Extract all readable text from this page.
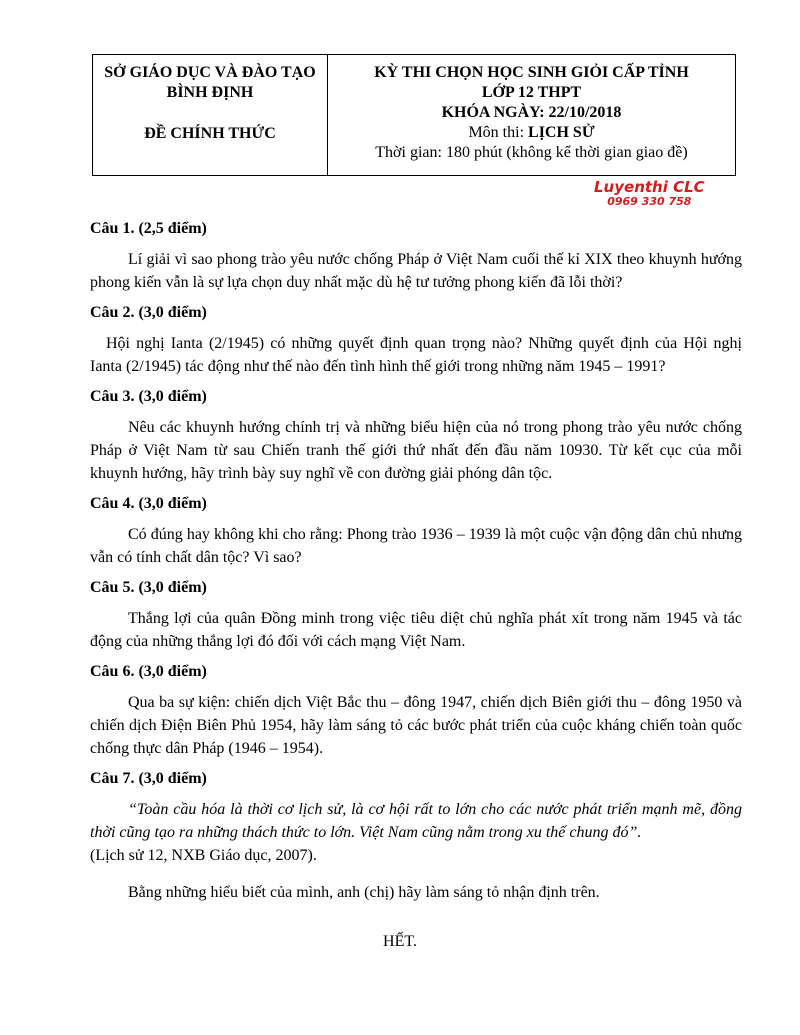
SỞ GIÁO DỤC VÀ ĐÀO TẠO
BÌNH ĐỊNH
ĐỀ CHÍNH THỨC
KỲ THI CHỌN HỌC SINH GIỎI CẤP TỈNH
LỚP 12 THPT
KHÓA NGÀY: 22/10/2018
Môn thi: LỊCH SỬ
Thời gian: 180 phút (không kể thời gian giao đề)
Luyenthi CLC
0969 330 758
Câu 1. (2,5 điểm)
Lí giải vì sao phong trào yêu nước chống Pháp ở Việt Nam cuối thế kỉ XIX theo khuynh hướng phong kiến vẫn là sự lựa chọn duy nhất mặc dù hệ tư tưởng phong kiến đã lỗi thời?
Câu 2. (3,0 điểm)
Hội nghị Ianta (2/1945) có những quyết định quan trọng nào? Những quyết định của Hội nghị Ianta (2/1945) tác động như thế nào đến tình hình thế giới trong những năm 1945 – 1991?
Câu 3. (3,0 điểm)
Nêu các khuynh hướng chính trị và những biểu hiện của nó trong phong trào yêu nước chống Pháp ở Việt Nam từ sau Chiến tranh thế giới thứ nhất đến đầu năm 10930. Từ kết cục của mỗi khuynh hướng, hãy trình bày suy nghĩ về con đường giải phóng dân tộc.
Câu 4. (3,0 điểm)
Có đúng hay không khi cho rằng: Phong trào 1936 – 1939 là một cuộc vận động dân chủ nhưng vẫn có tính chất dân tộc? Vì sao?
Câu 5. (3,0 điểm)
Thắng lợi của quân Đồng minh trong việc tiêu diệt chủ nghĩa phát xít trong năm 1945 và tác động của những thắng lợi đó đối với cách mạng Việt Nam.
Câu 6. (3,0 điểm)
Qua ba sự kiện: chiến dịch Việt Bắc thu – đông 1947, chiến dịch Biên giới thu – đông 1950 và chiến dịch Điện Biên Phủ 1954, hãy làm sáng tỏ các bước phát triển của cuộc kháng chiến toàn quốc chống thực dân Pháp (1946 – 1954).
Câu 7. (3,0 điểm)
“Toàn cầu hóa là thời cơ lịch sử, là cơ hội rất to lớn cho các nước phát triển mạnh mẽ, đồng thời cũng tạo ra những thách thức to lớn. Việt Nam cũng nằm trong xu thế chung đó”.
(Lịch sử 12, NXB Giáo dục, 2007).
Bằng những hiểu biết của mình, anh (chị) hãy làm sáng tỏ nhận định trên.
HẾT.
